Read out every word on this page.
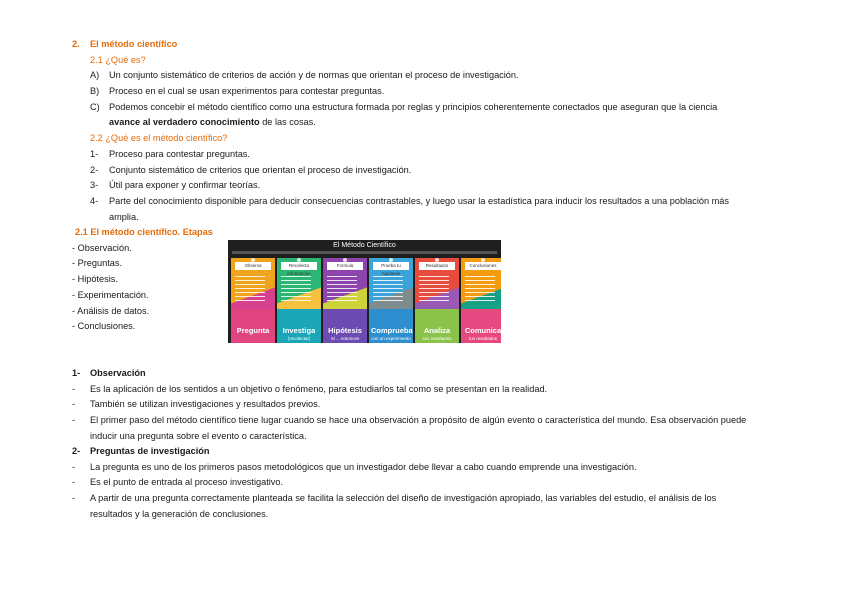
2. El método científico
2.1 ¿Qué es?
A) Un conjunto sistemático de criterios de acción y de normas que orientan el proceso de investigación.
B) Proceso en el cual se usan experimentos para contestar preguntas.
C) Podemos concebir el método científico como una estructura formada por reglas y principios coherentemente conectados que aseguran que la ciencia
avance al verdadero conocimiento de las cosas.
2.2 ¿Qué es el método científico?
1- Proceso para contestar preguntas.
2- Conjunto sistemático de criterios que orientan el proceso de investigación.
3- Útil para exponer y confirmar teorías.
4- Parte del conocimiento disponible para deducir consecuencias contrastables, y luego usar la estadística para inducir los resultados a una población más
amplia.
2.1 El método científico. Etapas
- Observación.
- Preguntas.
- Hipótesis.
- Experimentación.
- Análisis de datos.
- Conclusiones.
El Método Científico
Observa
Pregunta
Recolecta información
Investiga
(recolectar)
Formula
Hipótesis
Si ... entonces
Prueba tu hipótesis
Comprueba
con un experimento
Resultados
Analiza
sus resultados
Conclusiones
Comunica
tus resultados
1- Observación
- Es la aplicación de los sentidos a un objetivo o fenómeno, para estudiarlos tal como se presentan en la realidad.
- También se utilizan investigaciones y resultados previos.
- El primer paso del método científico tiene lugar cuando se hace una observación a propósito de algún evento o característica del mundo. Esa observación puede
inducir una pregunta sobre el evento o característica.
2- Preguntas de investigación
- La pregunta es uno de los primeros pasos metodológicos que un investigador debe llevar a cabo cuando emprende una investigación.
- Es el punto de entrada al proceso investigativo.
- A partir de una pregunta correctamente planteada se facilita la selección del diseño de investigación apropiado, las variables del estudio, el análisis de los
resultados y la generación de conclusiones.
